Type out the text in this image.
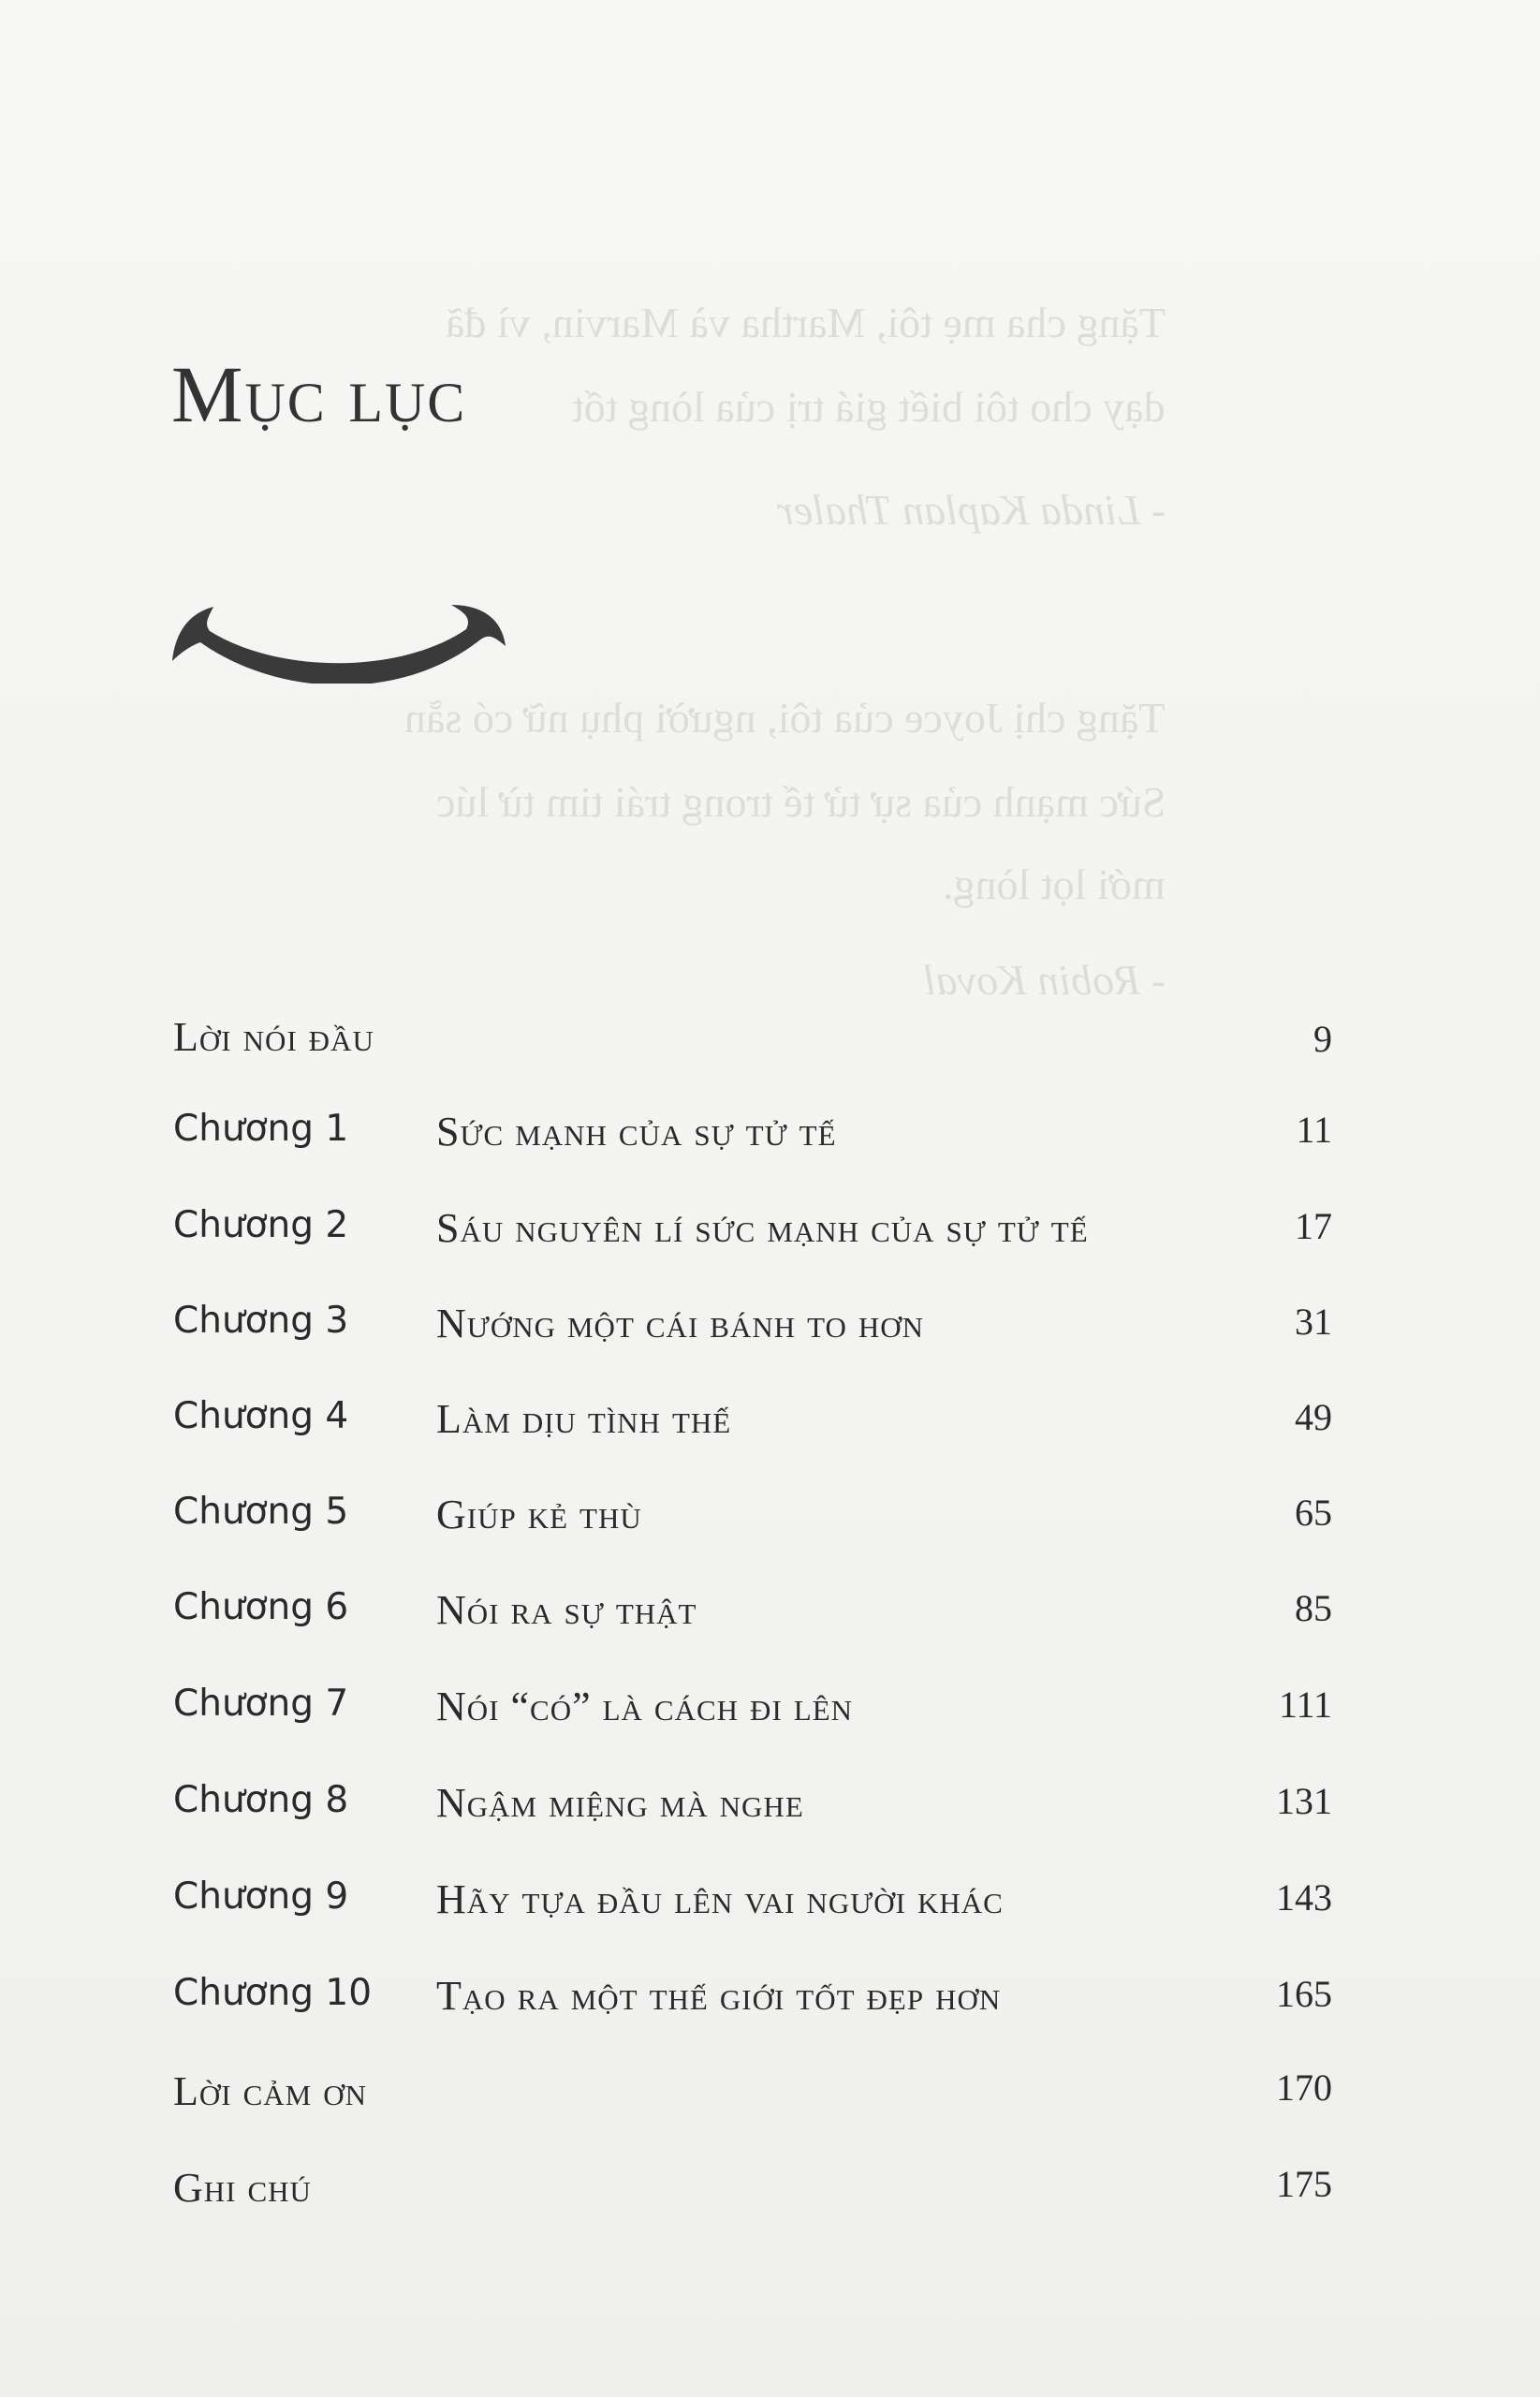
Tặng cha mẹ tôi, Martha và Marvin, vì đã
dạy cho tôi biết giá trị của lòng tốt
- Linda Kaplan Thaler
Tặng chị Joyce của tôi, người phụ nữ có sẵn
Sức mạnh của sự tử tế trong trái tim từ lúc
mới lọt lòng.
- Robin Koval
Mục lục
Lời nói đầu	9
Chương 1 Sức mạnh của sự tử tế	11
Chương 2 Sáu nguyên lí sức mạnh của sự tử tế	17
Chương 3 Nướng một cái bánh to hơn	31
Chương 4 Làm dịu tình thế	49
Chương 5 Giúp kẻ thù	65
Chương 6 Nói ra sự thật	85
Chương 7 Nói “có” là cách đi lên	111
Chương 8 Ngậm miệng mà nghe	131
Chương 9 Hãy tựa đầu lên vai người khác	143
Chương 10 Tạo ra một thế giới tốt đẹp hơn	165
Lời cảm ơn	170
Ghi chú	175
